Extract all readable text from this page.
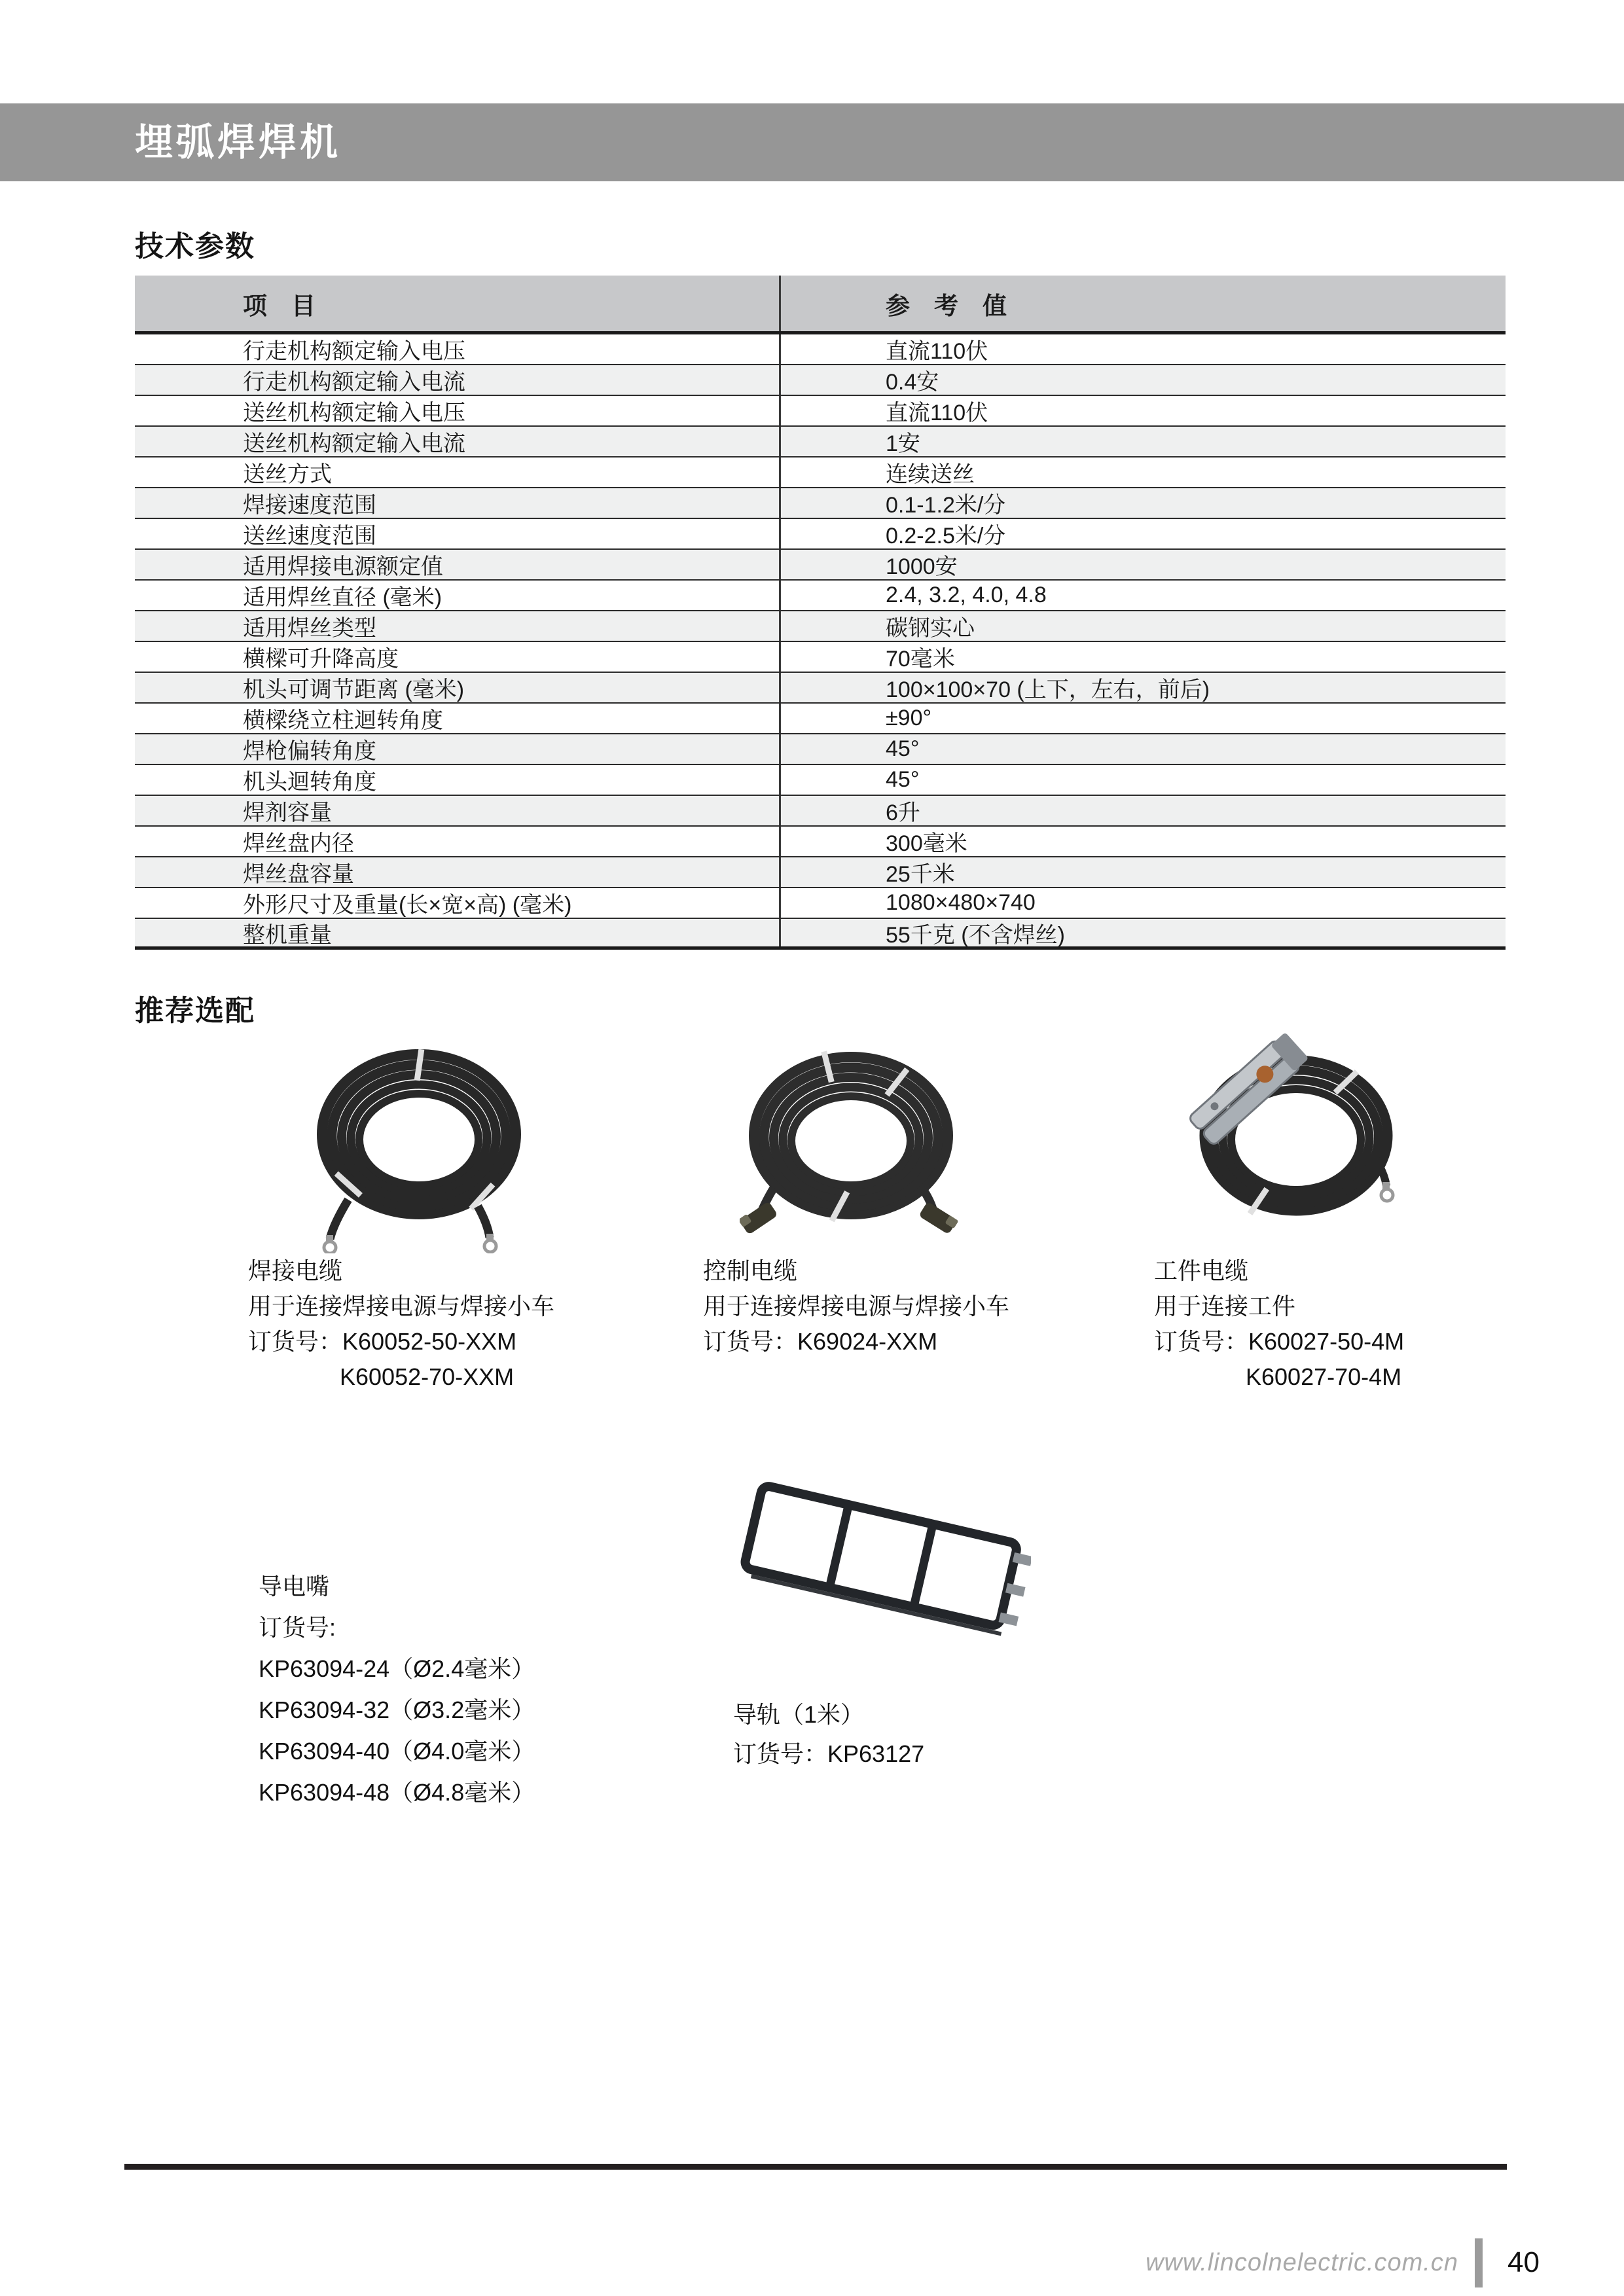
埋弧焊焊机
技术参数
项　目	参　考　值
行走机构额定输入电压	直流110伏
行走机构额定输入电流	0.4安
送丝机构额定输入电压	直流110伏
送丝机构额定输入电流	1安
送丝方式	连续送丝
焊接速度范围	0.1-1.2米/分
送丝速度范围	0.2-2.5米/分
适用焊接电源额定值	1000安
适用焊丝直径 (毫米)	2.4, 3.2, 4.0, 4.8
适用焊丝类型	碳钢实心
横樑可升降高度	70毫米
机头可调节距离 (毫米)	100×100×70 (上下，左右，前后)
横樑绕立柱迴转角度	±90°
焊枪偏转角度	45°
机头迴转角度	45°
焊剂容量	6升
焊丝盘内径	300毫米
焊丝盘容量	25千米
外形尺寸及重量(长×宽×高) (毫米)	1080×480×740
整机重量	55千克 (不含焊丝)
推荐选配
焊接电缆
用于连接焊接电源与焊接小车
订货号：K60052-50-XXM
K60052-70-XXM
控制电缆
用于连接焊接电源与焊接小车
订货号：K69024-XXM
工件电缆
用于连接工件
订货号：K60027-50-4M
K60027-70-4M
导电嘴
订货号:
KP63094-24（Ø2.4毫米）
KP63094-32（Ø3.2毫米）
KP63094-40（Ø4.0毫米）
KP63094-48（Ø4.8毫米）
导轨（1米）
订货号：KP63127
www.lincolnelectric.com.cn 40
